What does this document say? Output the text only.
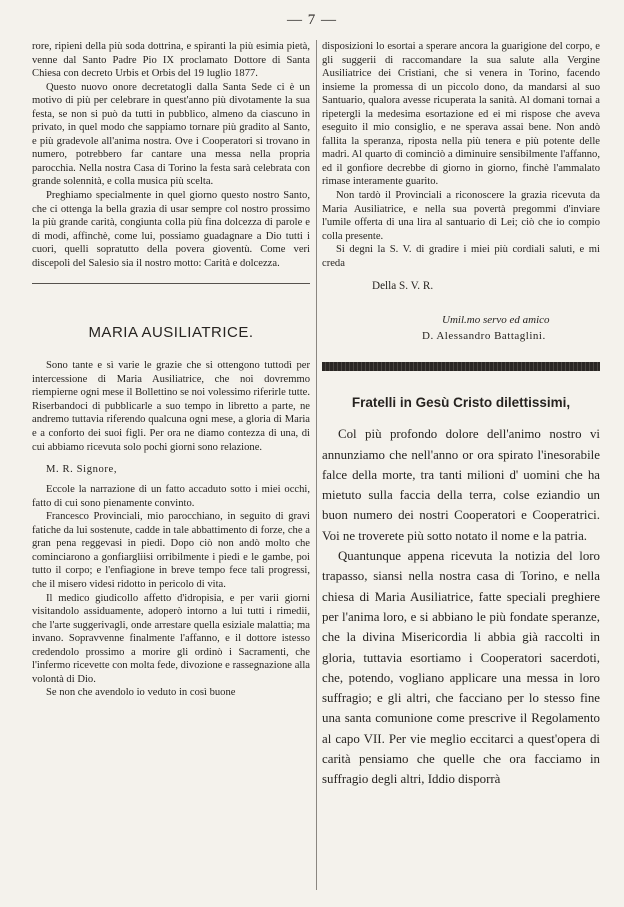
— 7 —

rore, ripieni della più soda dottrina, e spiranti la più esimia pietà, venne dal Santo Padre Pio IX proclamato Dottore di Santa Chiesa con decreto Urbis et Orbis del 19 luglio 1877.

Questo nuovo onore decretatogli dalla Santa Sede ci è un motivo di più per celebrare in quest'anno più divotamente la sua festa, se non si può da tutti in pubblico, almeno da ciascuno in privato, in quel modo che sappiamo tornare più gradito al Santo, e più gradevole all'anima nostra. Ove i Cooperatori si trovano in numero, potrebbero far cantare una messa nella propria parocchia. Nella nostra Casa di Torino la festa sarà celebrata con grande solennità, e colla musica più scelta.

Preghiamo specialmente in quel giorno questo nostro Santo, che ci ottenga la bella grazia di usar sempre col nostro prossimo la più grande carità, congiunta colla più fina dolcezza di parole e di modi, affinchè, come lui, possiamo guadagnare a Dio tutti i cuori, quelli sopratutto della povera gioventù. Come veri discepoli del Salesio sia il nostro motto: Carità e dolcezza.

MARIA AUSILIATRICE.

Sono tante e sì varie le grazie che si ottengono tuttodì per intercessione di Maria Ausiliatrice, che noi dovremmo riempierne ogni mese il Bollettino se noi volessimo riferirle tutte. Riserbandoci di pubblicarle a suo tempo in libretto a parte, ne andremo tuttavia riferendo qualcuna ogni mese, a gloria di Maria e a conforto dei suoi figli. Per ora ne diamo contezza di una, di cui abbiamo ricevuta solo pochi giorni sono relazione.

M. R. Signore,

Eccole la narrazione di un fatto accaduto sotto i miei occhi, fatto di cui sono pienamente convinto.

Francesco Provinciali, mio parocchiano, in seguito di gravi fatiche da lui sostenute, cadde in tale abbattimento di forze, che a gran pena reggevasi in piedi. Dopo ciò non andò molto che cominciarono a gonfiargliisi orribilmente i piedi e le gambe, poi tutto il corpo; e l'enfiagione in breve tempo fece tali progressi, che il misero videsi ridotto in pericolo di vita.

Il medico giudicollo affetto d'idropisia, e per varii giorni visitandolo assiduamente, adoperò intorno a lui tutti i rimedii, che l'arte suggerivagli, onde arrestare quella esiziale malattia; ma invano. Sopravvenne finalmente l'affanno, e il dottore istesso credendolo prossimo a morire gli ordinò i Sacramenti, che l'infermo ricevette con molta fede, divozione e rassegnazione alla volontà di Dio.

Se non che avendolo io veduto in così buone

disposizioni lo esortai a sperare ancora la guarigione del corpo, e gli suggerii di raccomandare la sua salute alla Vergine Ausiliatrice dei Cristiani, che si venera in Torino, facendo insieme la promessa di un piccolo dono, da mandarsi al suo Santuario, qualora avesse ricuperata la sanità. Al domani tornai a ripetergli la medesima esortazione ed ei mi rispose che aveva eseguito il mio consiglio, e ne sperava assai bene. Non andò fallita la speranza, riposta nella più tenera e più potente delle madri. Al quarto dì cominciò a diminuire sensibilmente l'affanno, ed il gonfiore decrebbe di giorno in giorno, finchè l'ammalato rimase interamente guarito.

Non tardò il Provinciali a riconoscere la grazia ricevuta da Maria Ausiliatrice, e nella sua povertà pregommi d'inviare l'umile offerta di una lira al santuario di Lei; ciò che io compio colla presente.

Si degni la S. V. di gradire i miei più cordiali saluti, e mi creda

Della S. V. R.
Umil.mo servo ed amico
D. Alessandro Battaglini.
Fratelli in Gesù Cristo dilettissimi,

Col più profondo dolore dell'animo nostro vi annunziamo che nell'anno or ora spirato l'inesorabile falce della morte, tra tanti milioni d' uomini che ha mietuto sulla faccia della terra, colse eziandio un buon numero dei nostri Cooperatori e Cooperatrici. Voi ne troverete più sotto notato il nome e la patria.

Quantunque appena ricevuta la notizia del loro trapasso, siansi nella nostra casa di Torino, e nella chiesa di Maria Ausiliatrice, fatte speciali preghiere per l'anima loro, e si abbiano le più fondate speranze, che la divina Misericordia li abbia già raccolti in gloria, tuttavia esortiamo i Cooperatori sacerdoti, che, potendo, vogliano applicare una messa in loro suffragio; e gli altri, che facciano per lo stesso fine una santa comunione come prescrive il Regolamento al capo VII. Per vie meglio eccitarci a quest'opera di carità pensiamo che quelle che ora facciamo in suffragio degli altri, Iddio disporrà
